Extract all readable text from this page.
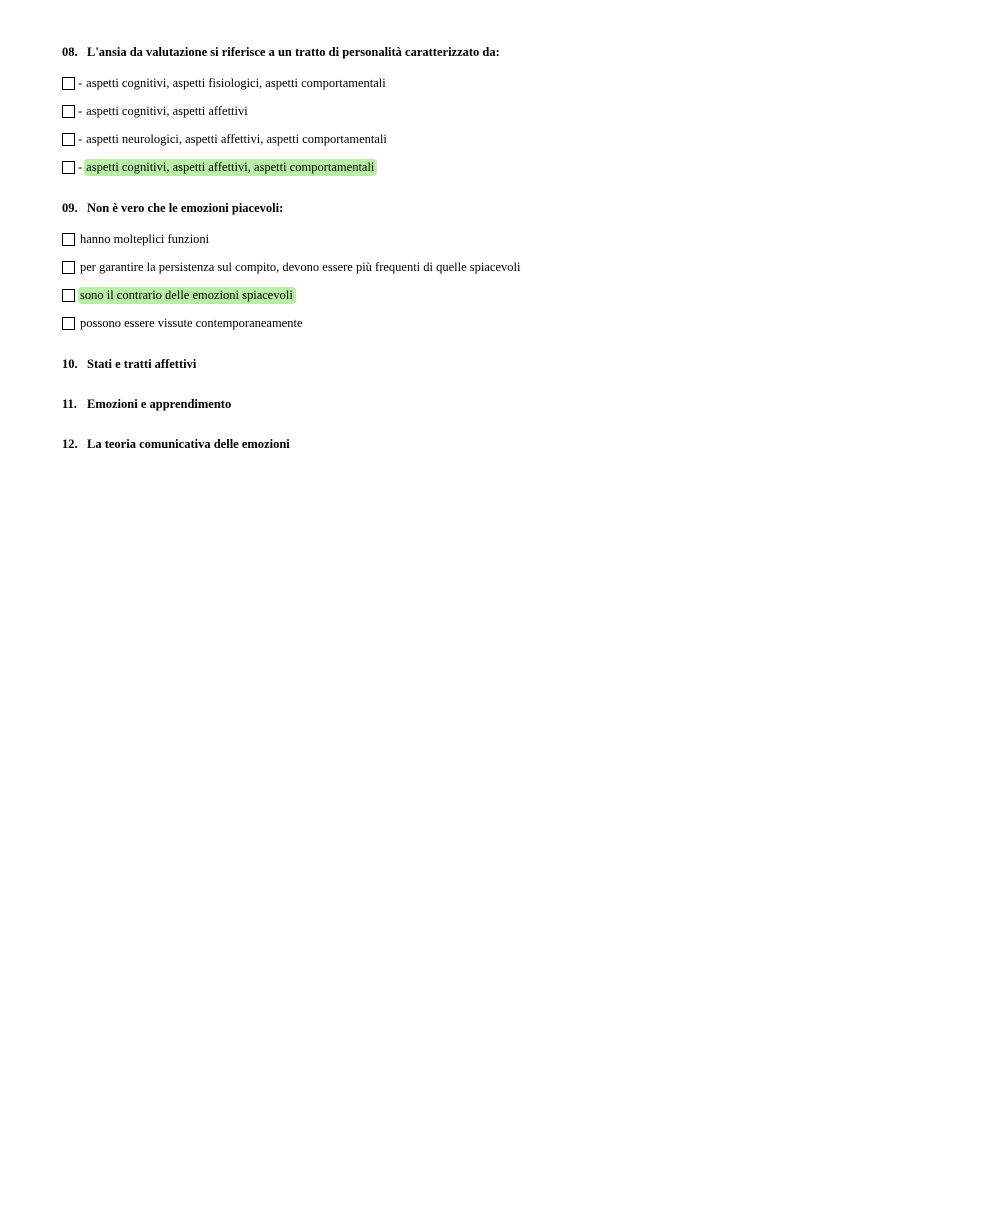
08. L'ansia da valutazione si riferisce a un tratto di personalità caratterizzato da:
- aspetti cognitivi, aspetti fisiologici, aspetti comportamentali
- aspetti cognitivi, aspetti affettivi
- aspetti neurologici, aspetti affettivi, aspetti comportamentali
- aspetti cognitivi, aspetti affettivi, aspetti comportamentali
09. Non è vero che le emozioni piacevoli:
hanno molteplici funzioni
per garantire la persistenza sul compito, devono essere più frequenti di quelle spiacevoli
sono il contrario delle emozioni spiacevoli
possono essere vissute contemporaneamente
10. Stati e tratti affettivi
11. Emozioni e apprendimento
12. La teoria comunicativa delle emozioni
